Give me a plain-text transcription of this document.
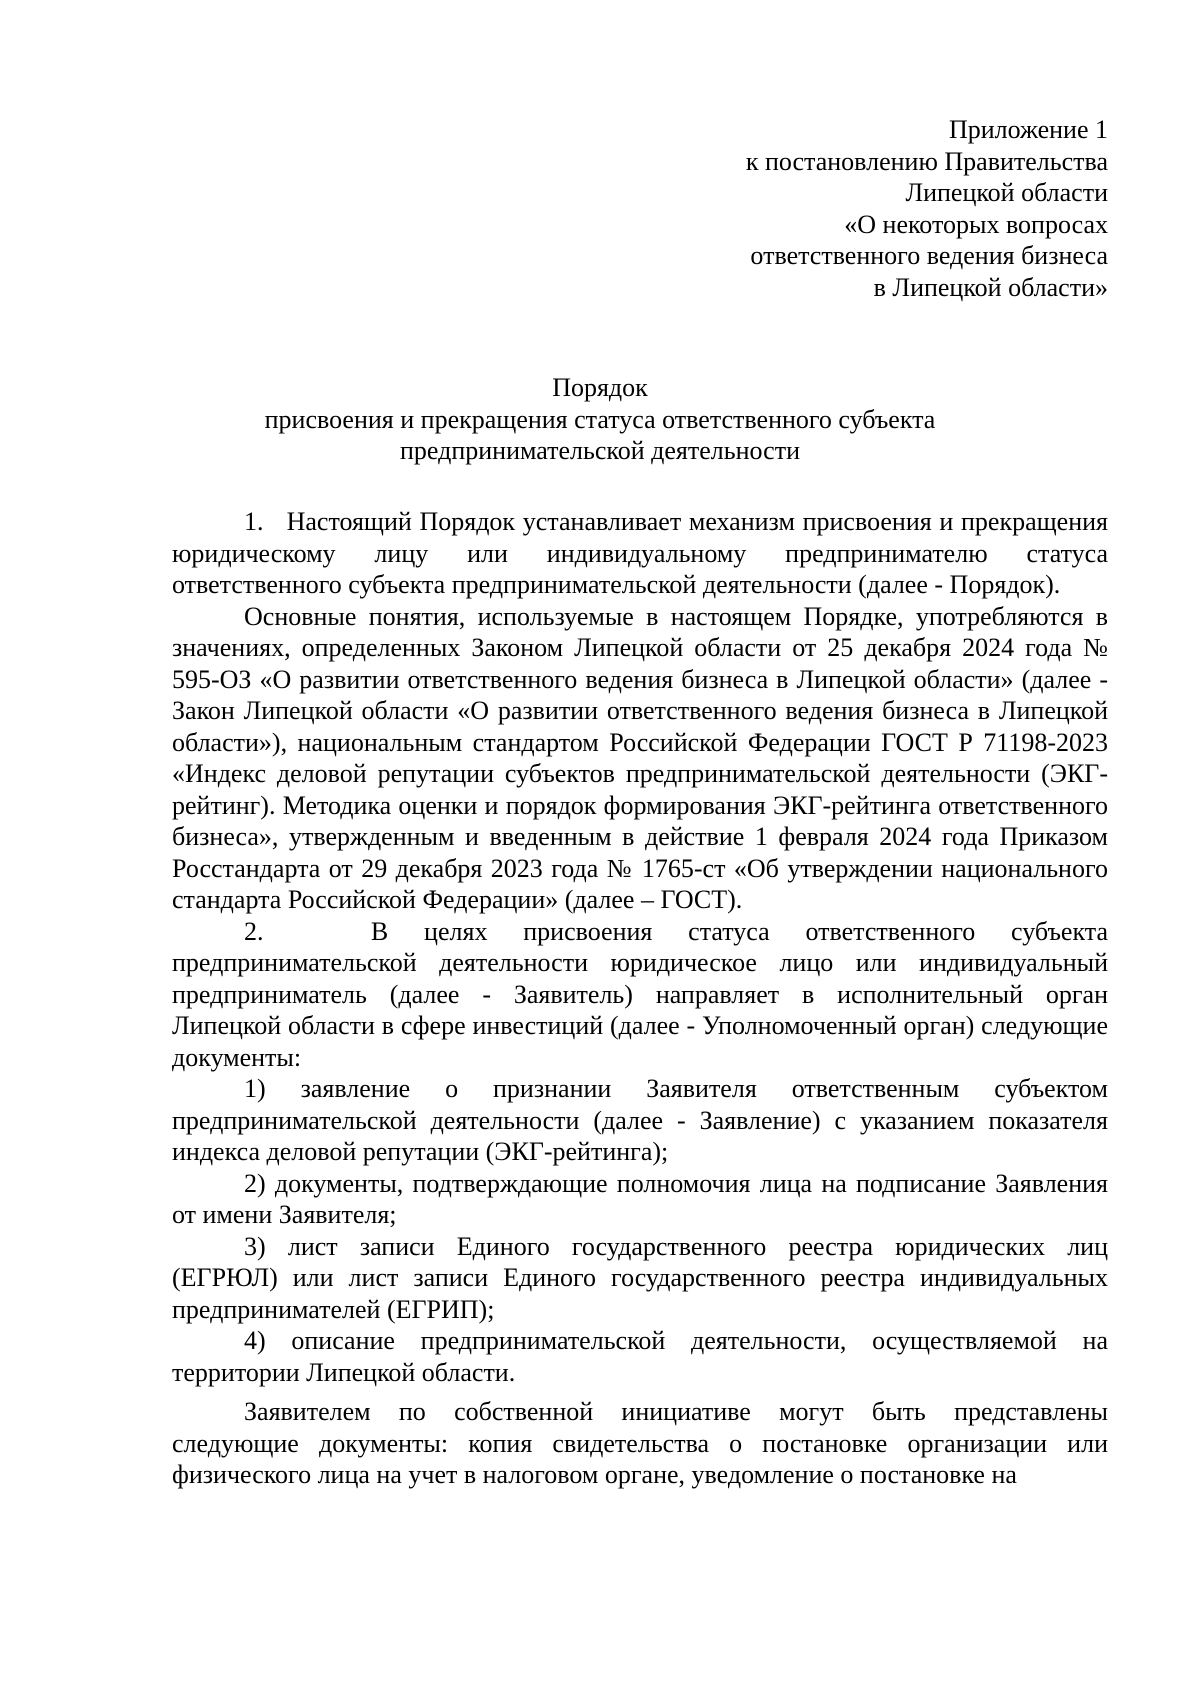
Приложение 1
к постановлению Правительства
Липецкой области
«О некоторых вопросах
ответственного ведения бизнеса
в Липецкой области»
Порядок
присвоения и прекращения статуса ответственного субъекта
предпринимательской деятельности

1.   Настоящий Порядок устанавливает механизм присвоения и прекращения юридическому лицу или индивидуальному предпринимателю статуса ответственного субъекта предпринимательской деятельности (далее - Порядок).

Основные понятия, используемые в настоящем Порядке, употребляются в значениях, определенных Законом Липецкой области от 25 декабря 2024 года № 595-ОЗ «О развитии ответственного ведения бизнеса в Липецкой области» (далее - Закон Липецкой области «О развитии ответственного ведения бизнеса в Липецкой области»), национальным стандартом Российской Федерации ГОСТ Р 71198-2023 «Индекс деловой репутации субъектов предпринимательской деятельности (ЭКГ-рейтинг). Методика оценки и порядок формирования ЭКГ-рейтинга ответственного бизнеса», утвержденным и введенным в действие 1 февраля 2024 года Приказом Росстандарта от 29 декабря 2023 года № 1765-ст «Об утверждении национального стандарта Российской Федерации» (далее – ГОСТ).

2.   В целях присвоения статуса ответственного субъекта предпринимательской деятельности юридическое лицо или индивидуальный предприниматель (далее - Заявитель) направляет в исполнительный орган Липецкой области в сфере инвестиций (далее - Уполномоченный орган) следующие документы:

1) заявление о признании Заявителя ответственным субъектом предпринимательской деятельности (далее - Заявление) с указанием показателя индекса деловой репутации (ЭКГ-рейтинга);

2) документы, подтверждающие полномочия лица на подписание Заявления от имени Заявителя;

3) лист записи Единого государственного реестра юридических лиц (ЕГРЮЛ) или лист записи Единого государственного реестра индивидуальных предпринимателей (ЕГРИП);

4) описание предпринимательской деятельности, осуществляемой на территории Липецкой области.

Заявителем по собственной инициативе могут быть представлены следующие документы: копия свидетельства о постановке организации или физического лица на учет в налоговом органе, уведомление о постановке на
